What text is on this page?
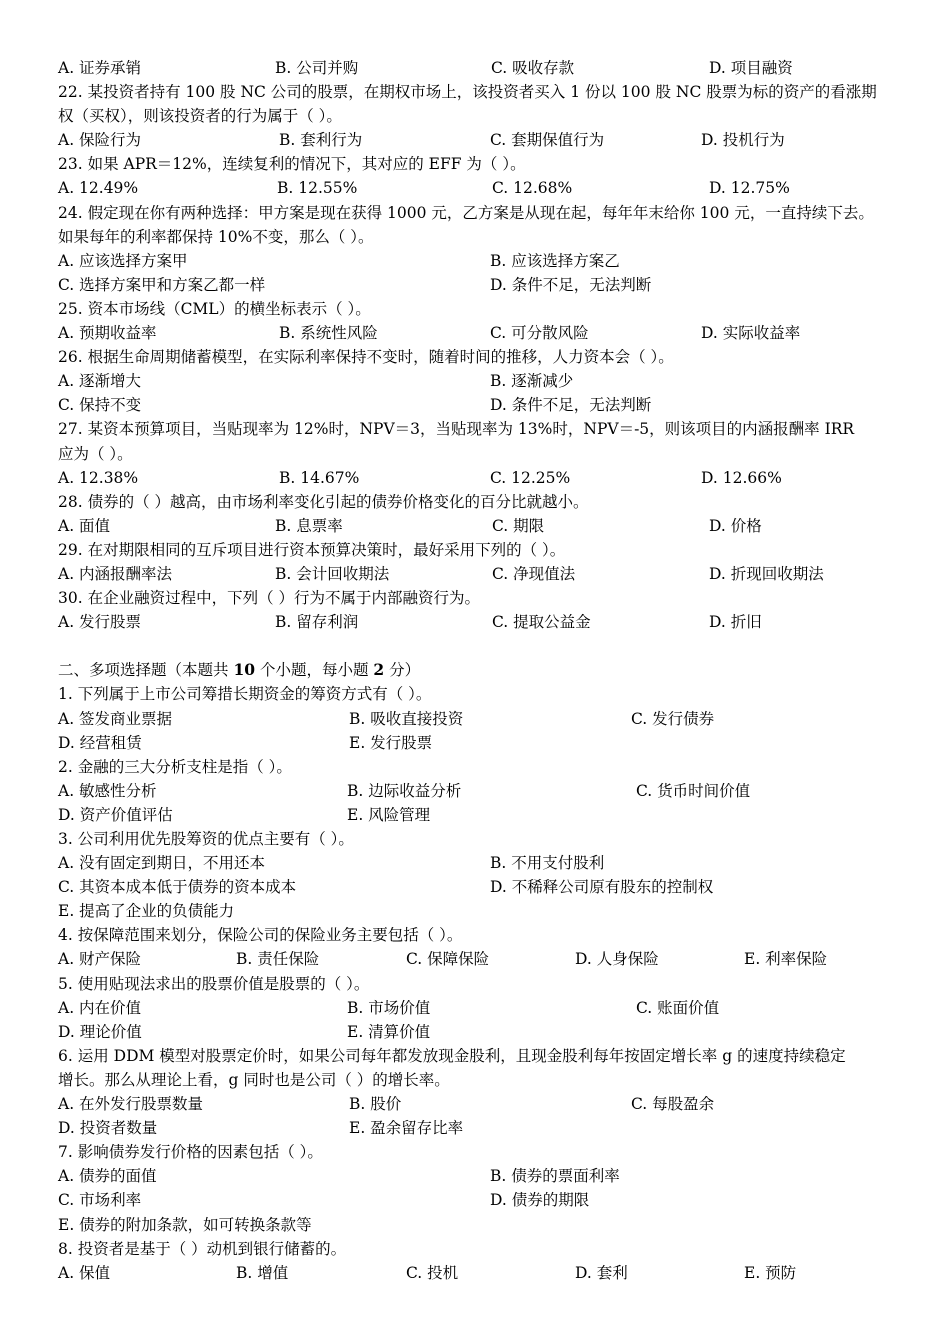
A. 证券承销	B. 公司并购	C. 吸收存款	D. 项目融资
22. 某投资者持有 100 股 NC 公司的股票，在期权市场上，该投资者买入 1 份以 100 股 NC 股票为标的资产的看涨期
权（买权），则该投资者的行为属于（ ）。
A. 保险行为	B. 套利行为	C. 套期保值行为	D. 投机行为
23. 如果 APR＝12%，连续复利的情况下，其对应的 EFF 为（ ）。
A. 12.49%	B. 12.55%	C. 12.68%	D. 12.75%
24. 假定现在你有两种选择：甲方案是现在获得 1000 元，乙方案是从现在起，每年年末给你 100 元，一直持续下去。
如果每年的利率都保持 10%不变，那么（ ）。
A. 应该选择方案甲	B. 应该选择方案乙
C. 选择方案甲和方案乙都一样	D. 条件不足，无法判断
25. 资本市场线（CML）的横坐标表示（ ）。
A. 预期收益率	B. 系统性风险	C. 可分散风险	D. 实际收益率
26. 根据生命周期储蓄模型，在实际利率保持不变时，随着时间的推移，人力资本会（ ）。
A. 逐渐增大	B. 逐渐减少
C. 保持不变	D. 条件不足，无法判断
27. 某资本预算项目，当贴现率为 12%时，NPV＝3，当贴现率为 13%时，NPV＝-5，则该项目的内涵报酬率 IRR
应为（ ）。
A. 12.38%	B. 14.67%	C. 12.25%	D. 12.66%
28. 债券的（ ）越高，由市场利率变化引起的债券价格变化的百分比就越小。
A. 面值	B. 息票率	C. 期限	D. 价格
29. 在对期限相同的互斥项目进行资本预算决策时，最好采用下列的（ ）。
A. 内涵报酬率法	B. 会计回收期法	C. 净现值法	D. 折现回收期法
30. 在企业融资过程中，下列（ ）行为不属于内部融资行为。
A. 发行股票	B. 留存利润	C. 提取公益金	D. 折旧
二、多项选择题（本题共 10 个小题，每小题 2 分）
1. 下列属于上市公司筹措长期资金的筹资方式有（ ）。
A. 签发商业票据	B. 吸收直接投资	C. 发行债券
D. 经营租赁	E. 发行股票
2. 金融的三大分析支柱是指（ ）。
A. 敏感性分析	B. 边际收益分析	C. 货币时间价值
D. 资产价值评估	E. 风险管理
3. 公司利用优先股筹资的优点主要有（ ）。
A. 没有固定到期日，不用还本	B. 不用支付股利
C. 其资本成本低于债券的资本成本	D. 不稀释公司原有股东的控制权
E. 提高了企业的负债能力
4. 按保障范围来划分，保险公司的保险业务主要包括（ ）。
A. 财产保险	B. 责任保险	C. 保障保险	D. 人身保险	E. 利率保险
5. 使用贴现法求出的股票价值是股票的（ ）。
A. 内在价值	B. 市场价值	C. 账面价值
D. 理论价值	E. 清算价值
6. 运用 DDM 模型对股票定价时，如果公司每年都发放现金股利，且现金股利每年按固定增长率 g 的速度持续稳定
增长。那么从理论上看，g 同时也是公司（ ）的增长率。
A. 在外发行股票数量	B. 股价	C. 每股盈余
D. 投资者数量	E. 盈余留存比率
7. 影响债券发行价格的因素包括（ ）。
A. 债券的面值	B. 债券的票面利率
C. 市场利率	D. 债券的期限
E. 债券的附加条款，如可转换条款等
8. 投资者是基于（ ）动机到银行储蓄的。
A. 保值	B. 增值	C. 投机	D. 套利	E. 预防
